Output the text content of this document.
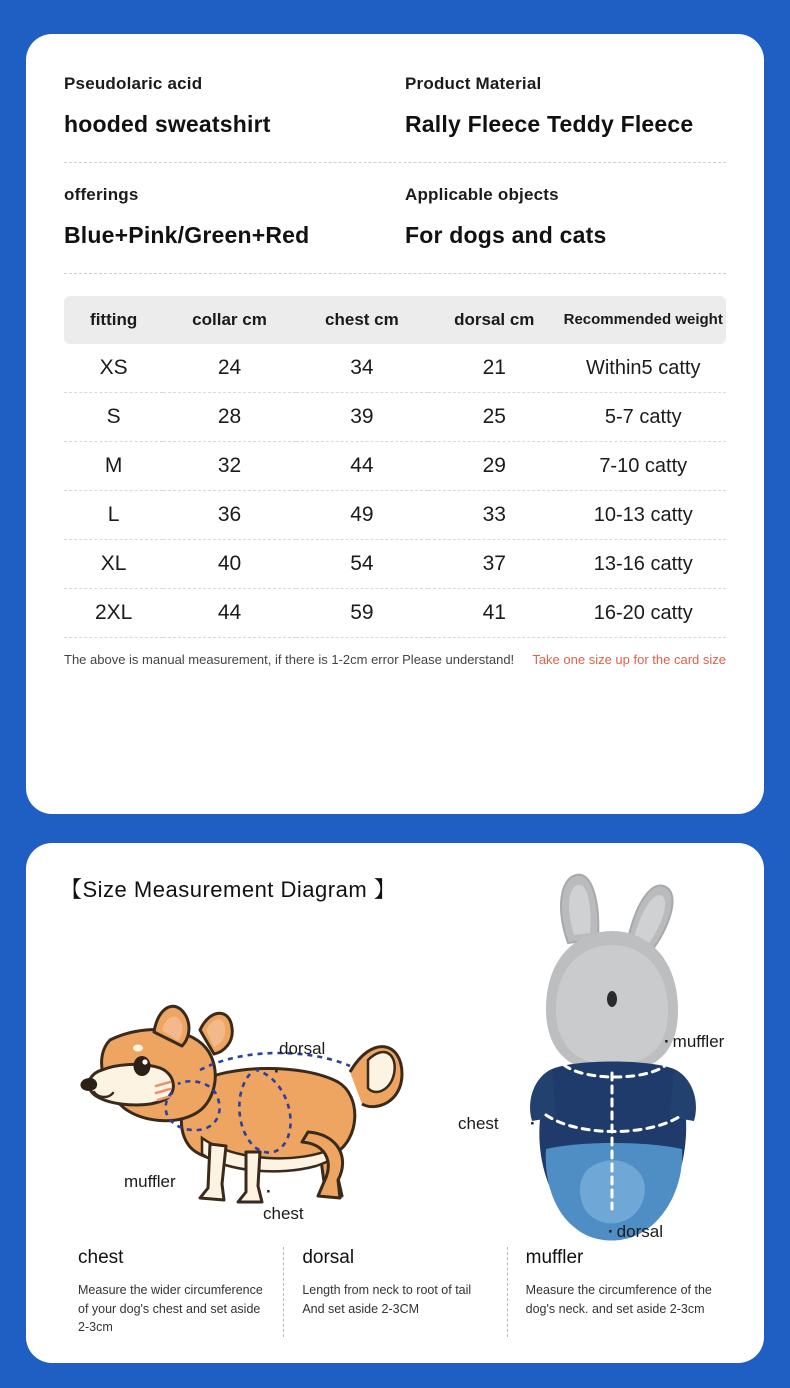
Pseudolaric acid
hooded sweatshirt
Product Material
Rally Fleece Teddy Fleece
offerings
Blue+Pink/Green+Red
Applicable objects
For dogs and cats
fitting	collar cm	chest cm	dorsal cm	Recommended weight
XS	24	34	21	Within5 catty
S	28	39	25	5-7 catty
M	32	44	29	7-10 catty
L	36	49	33	10-13 catty
XL	40	54	37	13-16 catty
2XL	44	59	41	16-20 catty
The above is manual measurement, if there is 1-2cm error Please understand! Take one size up for the card size
【Size Measurement Diagram 】
dorsal
·
muffler
chest
·
· muffler
chest
·
· dorsal
chest
Measure the wider circumference of your dog's chest and set aside 2-3cm
dorsal
Length from neck to root of tail And set aside 2-3CM
muffler
Measure the circumference of the dog's neck. and set aside 2-3cm
